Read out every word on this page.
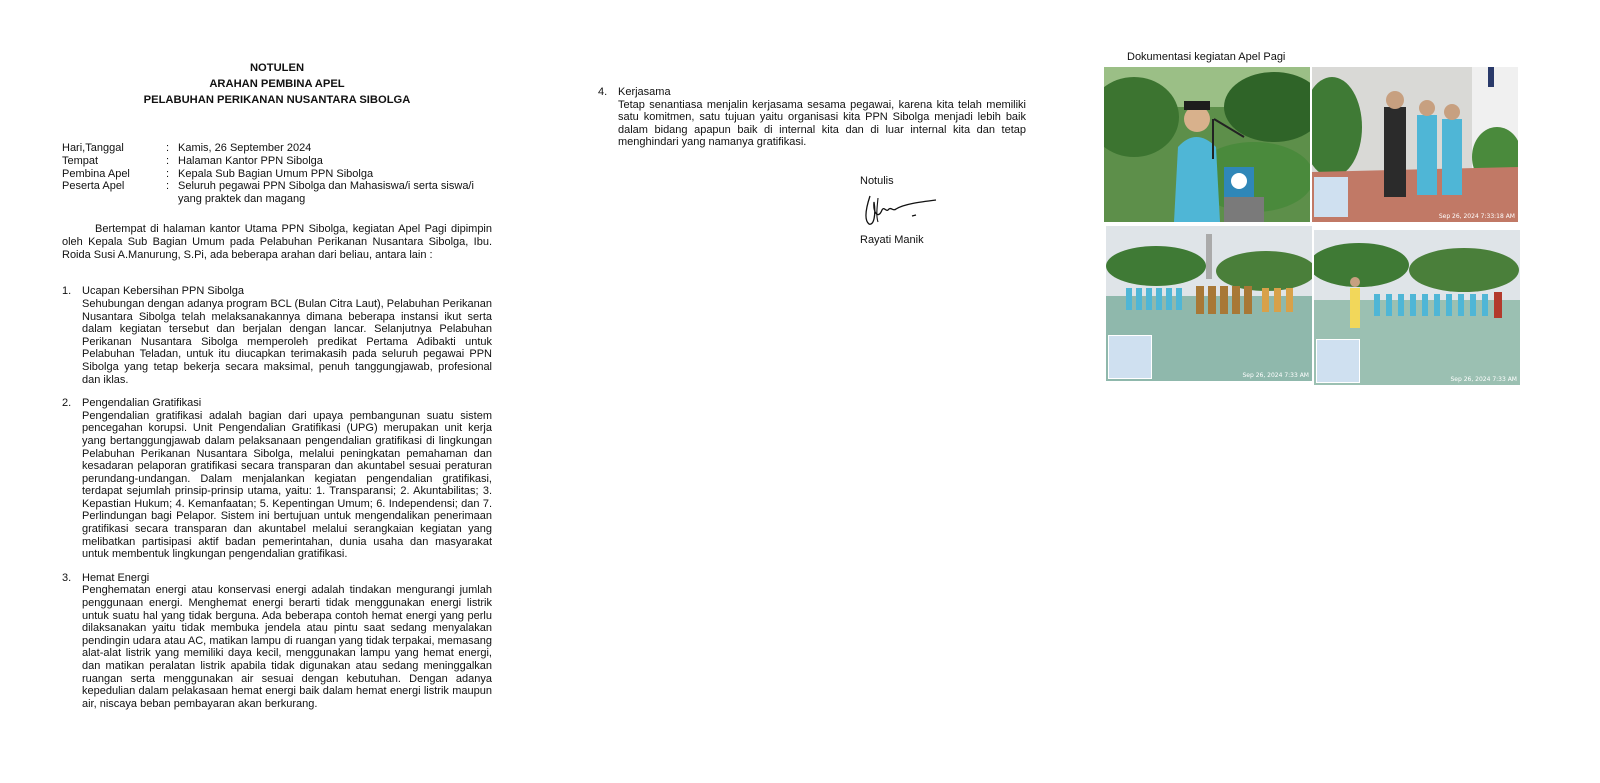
NOTULEN
ARAHAN PEMBINA APEL
PELABUHAN PERIKANAN NUSANTARA SIBOLGA
Hari,Tanggal	: Kamis, 26 September 2024
Tempat	: Halaman Kantor PPN Sibolga
Pembina Apel	: Kepala Sub Bagian Umum PPN Sibolga
Peserta Apel	: Seluruh pegawai PPN Sibolga dan Mahasiswa/i serta siswa/i yang praktek dan magang

Bertempat di halaman kantor Utama PPN Sibolga, kegiatan Apel Pagi dipimpin oleh Kepala Sub Bagian Umum pada Pelabuhan Perikanan Nusantara Sibolga, Ibu. Roida Susi A.Manurung, S.Pi, ada beberapa arahan dari beliau, antara lain :

1. Ucapan Kebersihan PPN Sibolga

Sehubungan dengan adanya program BCL (Bulan Citra Laut), Pelabuhan Perikanan Nusantara Sibolga telah melaksanakannya dimana beberapa instansi ikut serta dalam kegiatan tersebut dan berjalan dengan lancar. Selanjutnya Pelabuhan Perikanan Nusantara Sibolga memperoleh predikat Pertama Adibakti untuk Pelabuhan Teladan, untuk itu diucapkan terimakasih pada seluruh pegawai PPN Sibolga yang tetap bekerja secara maksimal, penuh tanggungjawab, profesional dan iklas.

2. Pengendalian Gratifikasi

Pengendalian gratifikasi adalah bagian dari upaya pembangunan suatu sistem pencegahan korupsi. Unit Pengendalian Gratifikasi (UPG) merupakan unit kerja yang bertanggungjawab dalam pelaksanaan pengendalian gratifikasi di lingkungan Pelabuhan Perikanan Nusantara Sibolga, melalui peningkatan pemahaman dan kesadaran pelaporan gratifikasi secara transparan dan akuntabel sesuai peraturan perundang-undangan. Dalam menjalankan kegiatan pengendalian gratifikasi, terdapat sejumlah prinsip-prinsip utama, yaitu: 1. Transparansi; 2. Akuntabilitas; 3. Kepastian Hukum; 4. Kemanfaatan; 5. Kepentingan Umum; 6. Independensi; dan 7. Perlindungan bagi Pelapor. Sistem ini bertujuan untuk mengendalikan penerimaan gratifikasi secara transparan dan akuntabel melalui serangkaian kegiatan yang melibatkan partisipasi aktif badan pemerintahan, dunia usaha dan masyarakat untuk membentuk lingkungan pengendalian gratifikasi.

3. Hemat Energi

Penghematan energi atau konservasi energi adalah tindakan mengurangi jumlah penggunaan energi. Menghemat energi berarti tidak menggunakan energi listrik untuk suatu hal yang tidak berguna. Ada beberapa contoh hemat energi yang perlu dilaksanakan yaitu tidak membuka jendela atau pintu saat sedang menyalakan pendingin udara atau AC, matikan lampu di ruangan yang tidak terpakai, memasang alat-alat listrik yang memiliki daya kecil, menggunakan lampu yang hemat energi, dan matikan peralatan listrik apabila tidak digunakan atau sedang meninggalkan ruangan serta menggunakan air sesuai dengan kebutuhan. Dengan adanya kepedulian dalam pelakasaan hemat energi baik dalam hemat energi listrik maupun air, niscaya beban pembayaran akan berkurang.

4. Kerjasama

Tetap senantiasa menjalin kerjasama sesama pegawai, karena kita telah memiliki satu komitmen, satu tujuan yaitu organisasi kita PPN Sibolga menjadi lebih baik dalam bidang apapun baik di internal kita dan di luar internal kita dan tetap menghindari yang namanya gratifikasi.

Notulis
Rayati Manik
Dokumentasi kegiatan Apel Pagi
Sep 26, 2024 7:33:18 AM
Sep 26, 2024 7:33 AM
Sep 26, 2024 7:33 AM
